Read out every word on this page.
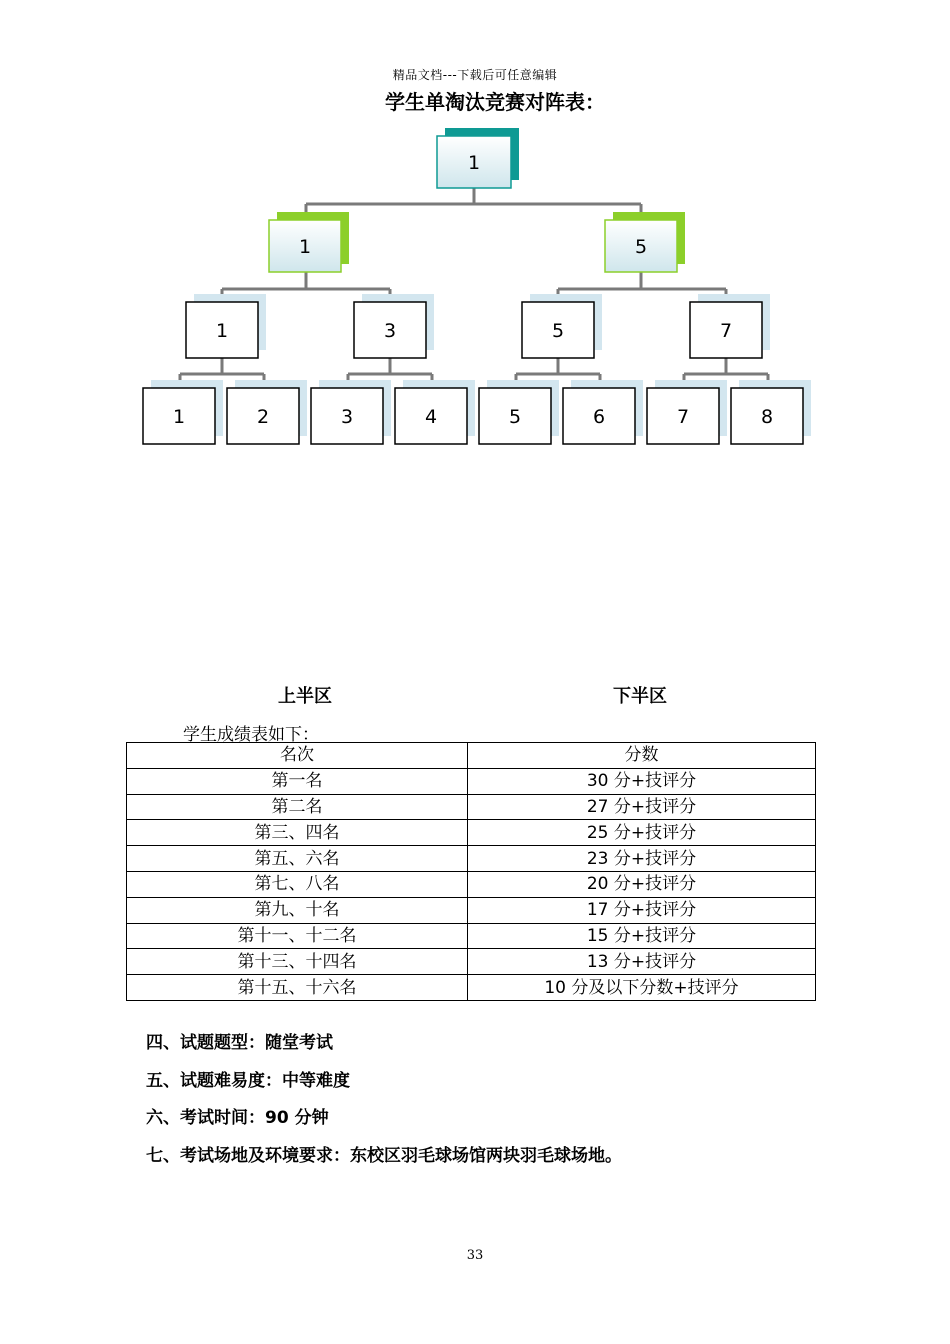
精品文档---下载后可任意编辑
学生单淘汰竞赛对阵表：
1
1	5
1	3	5	7
1	2	3	4	5	6	7	8
上半区	下半区
学生成绩表如下：
名次	分数
第一名	30 分+技评分
第二名	27 分+技评分
第三、四名	25 分+技评分
第五、六名	23 分+技评分
第七、八名	20 分+技评分
第九、十名	17 分+技评分
第十一、十二名	15 分+技评分
第十三、十四名	13 分+技评分
第十五、十六名	10 分及以下分数+技评分
四、试题题型：随堂考试
五、试题难易度：中等难度
六、考试时间：90 分钟
七、考试场地及环境要求：东校区羽毛球场馆两块羽毛球场地。
33
